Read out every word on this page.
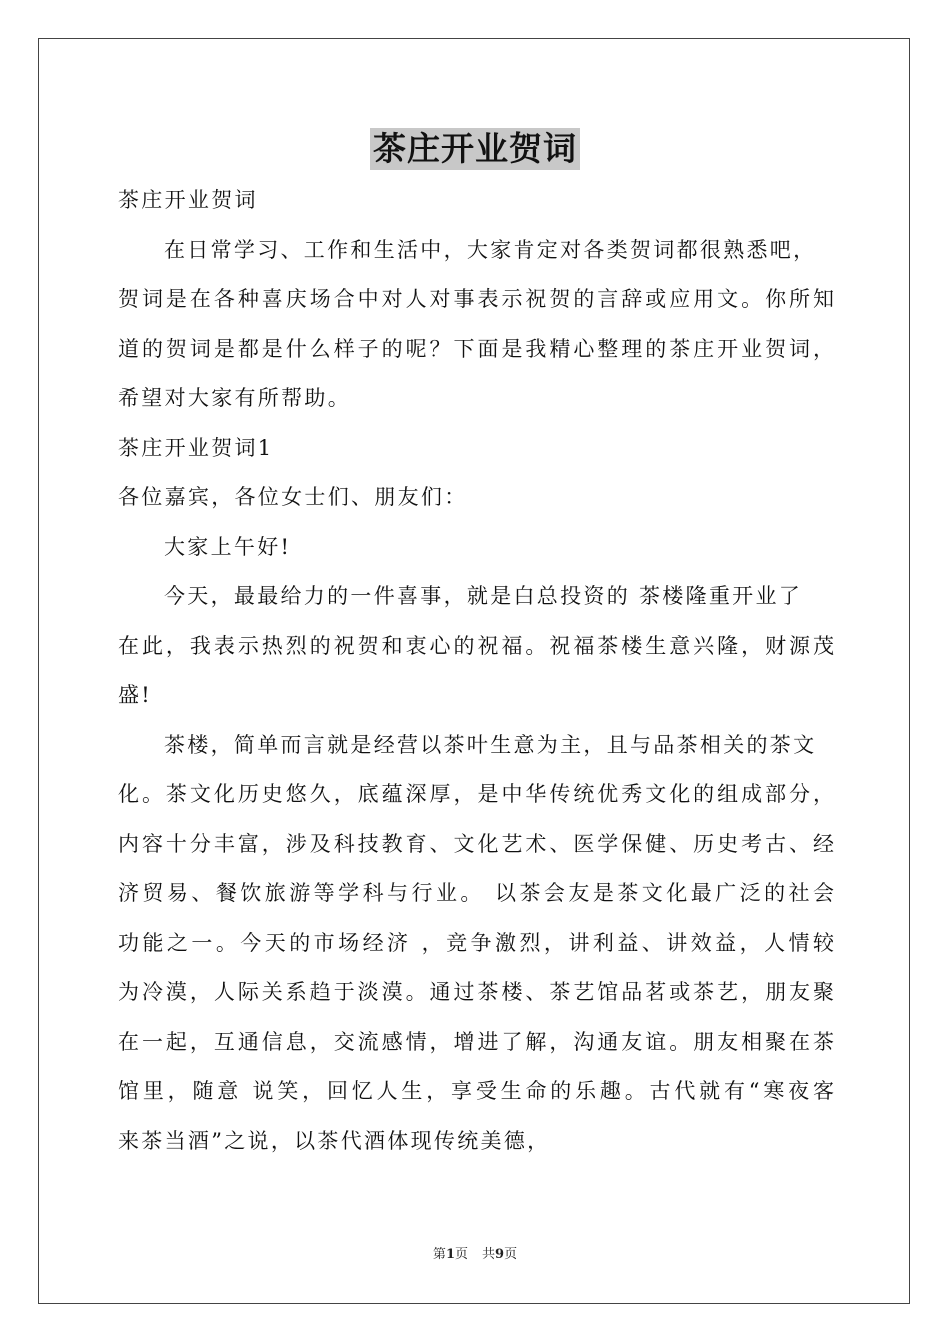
茶庄开业贺词
茶庄开业贺词
在日常学习、工作和生活中，大家肯定对各类贺词都很熟悉吧，
贺词是在各种喜庆场合中对人对事表示祝贺的言辞或应用文。你所知
道的贺词是都是什么样子的呢？下面是我精心整理的茶庄开业贺词，
希望对大家有所帮助。
茶庄开业贺词1
各位嘉宾，各位女士们、朋友们：
大家上午好!
今天，最最给力的一件喜事，就是白总投资的 茶楼隆重开业了
在此，我表示热烈的祝贺和衷心的祝福。祝福茶楼生意兴隆，财源茂
盛!
茶楼，简单而言就是经营以茶叶生意为主，且与品茶相关的茶文
化。茶文化历史悠久，底蕴深厚，是中华传统优秀文化的组成部分，
内容十分丰富，涉及科技教育、文化艺术、医学保健、历史考古、经
济贸易、餐饮旅游等学科与行业。 以茶会友是茶文化最广泛的社会
功能之一。今天的市场经济 ，竞争激烈，讲利益、讲效益，人情较
为冷漠，人际关系趋于淡漠。通过茶楼、茶艺馆品茗或茶艺，朋友聚
在一起，互通信息，交流感情，增进了解，沟通友谊。朋友相聚在茶
馆里，随意 说笑，回忆人生，享受生命的乐趣。古代就有“寒夜客
来茶当酒”之说，以茶代酒体现传统美德，
第1页 共9页
